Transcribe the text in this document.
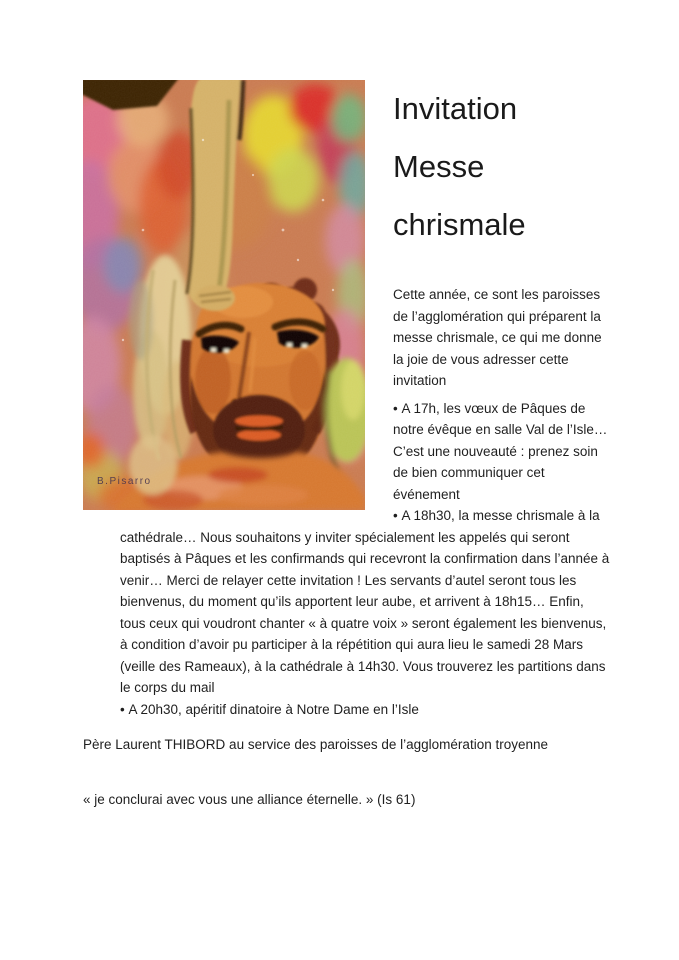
B.Pisarro
Invitation Messe chrismale

Cette année, ce sont les paroisses de l’agglomération qui préparent la messe chrismale, ce qui me donne la joie de vous adresser cette invitation

• A 17h, les vœux de Pâques de notre évêque en salle Val de l’Isle… C’est une nouveauté : prenez soin de bien communiquer cet événement
• A 18h30, la messe chrismale à la cathédrale… Nous souhaitons y inviter spécialement les appelés qui seront baptisés à Pâques et les confirmands qui recevront la confirmation dans l’année à venir… Merci de relayer cette invitation ! Les servants d’autel seront tous les bienvenus, du moment qu’ils apportent leur aube, et arrivent à 18h15… Enfin, tous ceux qui voudront chanter « à quatre voix » seront également les bienvenus, à condition d’avoir pu participer à la répétition qui aura lieu le samedi 28 Mars (veille des Rameaux), à la cathédrale à 14h30. Vous trouverez les partitions dans le corps du mail
• A 20h30, apéritif dinatoire à Notre Dame en l’Isle

Père Laurent THIBORD au service des paroisses de l’agglomération troyenne

« je conclurai avec vous une alliance éternelle. » (Is 61)
